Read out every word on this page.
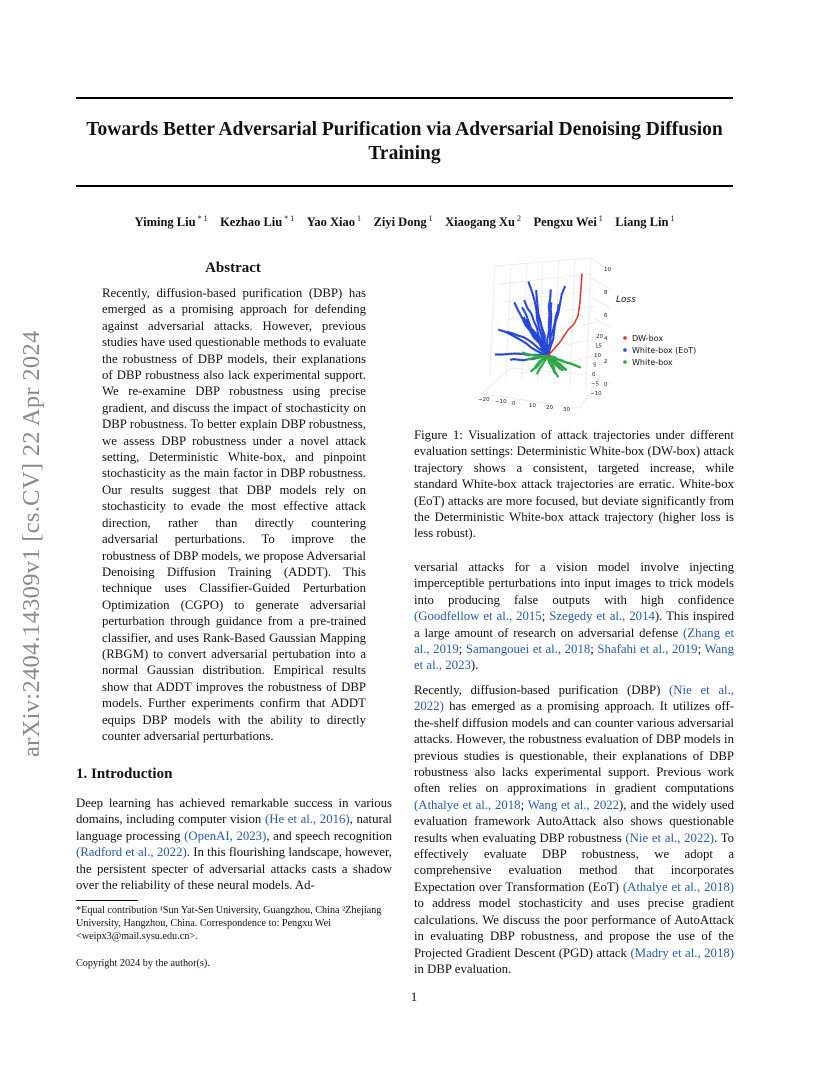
Towards Better Adversarial Purification via Adversarial Denoising Diffusion Training
Yiming Liu $^{* 1}$  Kezhao Liu $^{* 1}$  Yao Xiao $^1$  Ziyi Dong $^1$  Xiaogang Xu $^2$  Pengxu Wei $^1$  Liang Lin $^1$
arXiv:2404.14309v1 [cs.CV] 22 Apr 2024
Abstract
Recently, diffusion-based purification (DBP) has emerged as a promising approach for defending against adversarial attacks. However, previous studies have used questionable methods to evaluate the robustness of DBP models, their explanations of DBP robustness also lack experimental support. We re-examine DBP robustness using precise gradient, and discuss the impact of stochasticity on DBP robustness. To better explain DBP robustness, we assess DBP robustness under a novel attack setting, Deterministic White-box, and pinpoint stochasticity as the main factor in DBP robustness. Our results suggest that DBP models rely on stochasticity to evade the most effective attack direction, rather than directly countering adversarial perturbations. To improve the robustness of DBP models, we propose Adversarial Denoising Diffusion Training (ADDT). This technique uses Classifier-Guided Perturbation Optimization (CGPO) to generate adversarial perturbation through guidance from a pre-trained classifier, and uses Rank-Based Gaussian Mapping (RBGM) to convert adversarial pertubation into a normal Gaussian distribution. Empirical results show that ADDT improves the robustness of DBP models. Further experiments confirm that ADDT equips DBP models with the ability to directly counter adversarial perturbations.
1. Introduction
Deep learning has achieved remarkable success in various domains, including computer vision (He et al., 2016), natural language processing (OpenAI, 2023), and speech recognition (Radford et al., 2022). In this flourishing landscape, however, the persistent specter of adversarial attacks casts a shadow over the reliability of these neural models. Ad-
*Equal contribution ¹Sun Yat-Sen University, Guangzhou, China ²Zhejiang University, Hangzhou, China. Correspondence to: Pengxu Wei <weipx3@mail.sysu.edu.cn>.
Copyright 2024 by the author(s).
0
2
4
6
8
10
20
15
10
5
0
−5
−10
−20 −10 0 10 20 30
Loss
DW-box
White-box (EoT)
White-box
Figure 1: Visualization of attack trajectories under different evaluation settings: Deterministic White-box (DW-box) attack trajectory shows a consistent, targeted increase, while standard White-box attack trajectories are erratic. White-box (EoT) attacks are more focused, but deviate significantly from the Deterministic White-box attack trajectory (higher loss is less robust).
versarial attacks for a vision model involve injecting imperceptible perturbations into input images to trick models into producing false outputs with high confidence (Goodfellow et al., 2015; Szegedy et al., 2014). This inspired a large amount of research on adversarial defense (Zhang et al., 2019; Samangouei et al., 2018; Shafahi et al., 2019; Wang et al., 2023).
Recently, diffusion-based purification (DBP) (Nie et al., 2022) has emerged as a promising approach. It utilizes off-the-shelf diffusion models and can counter various adversarial attacks. However, the robustness evaluation of DBP models in previous studies is questionable, their explanations of DBP robustness also lacks experimental support. Previous work often relies on approximations in gradient computations (Athalye et al., 2018; Wang et al., 2022), and the widely used evaluation framework AutoAttack also shows questionable results when evaluating DBP robustness (Nie et al., 2022). To effectively evaluate DBP robustness, we adopt a comprehensive evaluation method that incorporates Expectation over Transformation (EoT) (Athalye et al., 2018) to address model stochasticity and uses precise gradient calculations. We discuss the poor performance of AutoAttack in evaluating DBP robustness, and propose the use of the Projected Gradient Descent (PGD) attack (Madry et al., 2018) in DBP evaluation.
1
